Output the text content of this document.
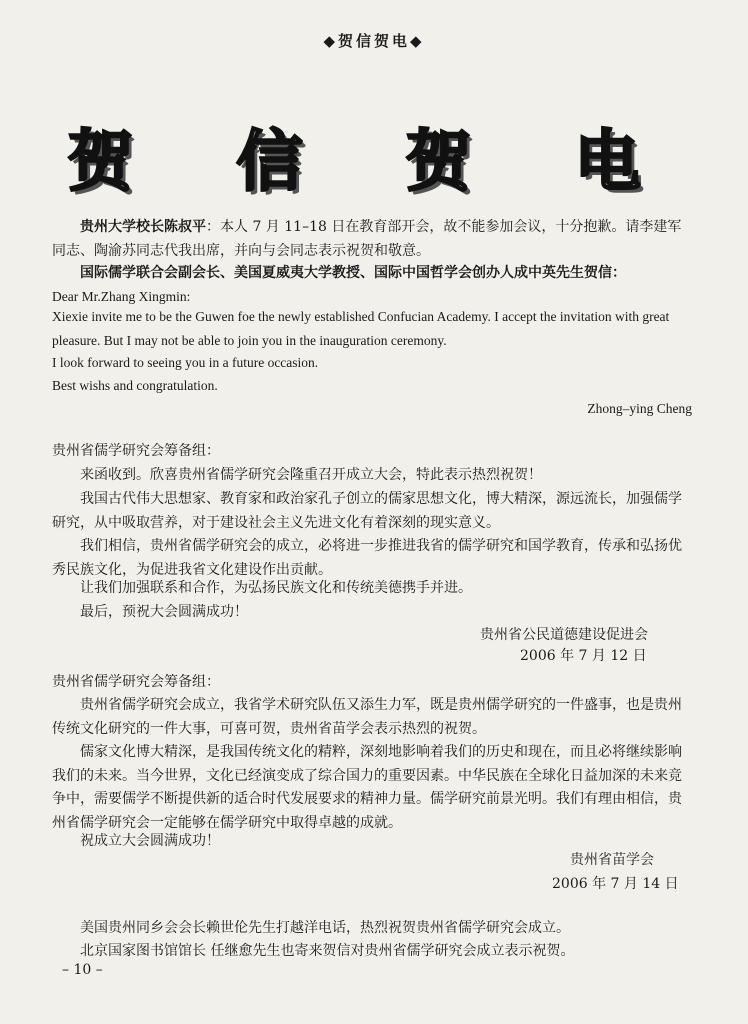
◆贺信贺电◆
贺 信 贺 电

贵州大学校长陈叔平：本人 7 月 11–18 日在教育部开会，故不能参加会议，十分抱歉。请李建军同志、陶渝苏同志代我出席，并向与会同志表示祝贺和敬意。

国际儒学联合会副会长、美国夏威夷大学教授、国际中国哲学会创办人成中英先生贺信：

Dear Mr.Zhang Xingmin:

Xiexie invite me to be the Guwen foe the newly established Confucian Academy. I accept the invitation with great pleasure. But I may not be able to join you in the inauguration ceremony.

I look forward to seeing you in a future occasion.

Best wishs and congratulation.

Zhong–ying Cheng

贵州省儒学研究会筹备组：

来函收到。欣喜贵州省儒学研究会隆重召开成立大会，特此表示热烈祝贺！

我国古代伟大思想家、教育家和政治家孔子创立的儒家思想文化，博大精深，源远流长，加强儒学研究，从中吸取营养，对于建设社会主义先进文化有着深刻的现实意义。

我们相信，贵州省儒学研究会的成立，必将进一步推进我省的儒学研究和国学教育，传承和弘扬优秀民族文化，为促进我省文化建设作出贡献。

让我们加强联系和合作，为弘扬民族文化和传统美德携手并进。

最后，预祝大会圆满成功！

贵州省公民道德建设促进会
2006 年 7 月 12 日

贵州省儒学研究会筹备组：

贵州省儒学研究会成立，我省学术研究队伍又添生力军，既是贵州儒学研究的一件盛事，也是贵州传统文化研究的一件大事，可喜可贺，贵州省苗学会表示热烈的祝贺。

儒家文化博大精深，是我国传统文化的精粹，深刻地影响着我们的历史和现在，而且必将继续影响我们的未来。当今世界，文化已经演变成了综合国力的重要因素。中华民族在全球化日益加深的未来竞争中，需要儒学不断提供新的适合时代发展要求的精神力量。儒学研究前景光明。我们有理由相信，贵州省儒学研究会一定能够在儒学研究中取得卓越的成就。

祝成立大会圆满成功！

贵州省苗学会
2006 年 7 月 14 日

美国贵州同乡会会长赖世伦先生打越洋电话，热烈祝贺贵州省儒学研究会成立。

北京国家图书馆馆长 任继愈先生也寄来贺信对贵州省儒学研究会成立表示祝贺。

– 10 –
